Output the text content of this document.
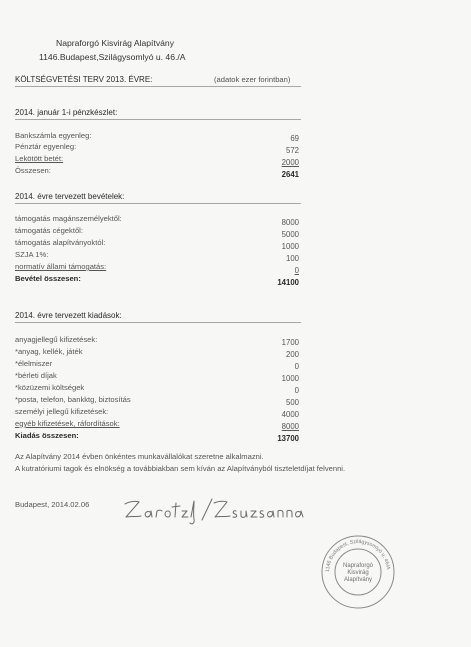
Napraforgó Kisvirág Alapítvány
1146.Budapest,Szilágysomlyó u. 46./A
KÖLTSÉGVETÉSI TERV 2013. ÉVRE:	(adatok ezer forintban)
2014. január 1-i pénzkészlet:
Bankszámla egyenleg:	69
Pénztár egyenleg:	572
Lekötött betét:	2000
Összesen:	2641
2014. évre tervezett bevételek:
támogatás magánszemélyektől:	8000
támogatás cégektől:	5000
támogatás alapítványoktól:	1000
SZJA 1%:	100
normatív állami támogatás:	0
Bevétel összesen:	14100
2014. évre tervezett kiadások:
anyagjellegű kifizetések:	1700
*anyag, kellék, játék	200
*élelmiszer	0
*bérleti díjak	1000
*közüzemi költségek	0
*posta, telefon, bankktg, biztosítás	500
személyi jellegű kifizetések:	4000
egyéb kifizetések, ráfordítások:	8000
Kiadás összesen:	13700
Az Alapítvány 2014 évben önkéntes munkavállalókat szeretne alkalmazni.
A kutratóriumi tagok és elnökség a továbbiakban sem kíván az Alapítványból tiszteletdíjat felvenni.
Budapest, 2014.02.06
1146 Budapest, Szilágysomlyó u. 46/A
Napraforgó
Kisvirág
Alapítvány
